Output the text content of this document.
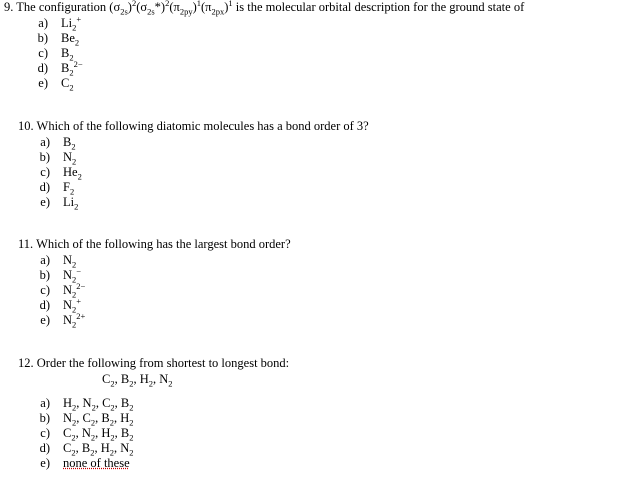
9. The configuration $(\sigma_{2s})^2(\sigma_{2s}*)^2(\pi_{2py})^1(\pi_{2px})^1$ is the molecular orbital description for the ground state of
a) $Li_2^+$
b) $Be_2$
c) $B_2$
d) $B_2^{2-}$
e) $C_2$
10. Which of the following diatomic molecules has a bond order of 3?
a) $B_2$
b) $N_2$
c) $He_2$
d) $F_2$
e) $Li_2$
11. Which of the following has the largest bond order?
a) $N_2$
b) $N_2^-$
c) $N_2^{2-}$
d) $N_2^+$
e) $N_2^{2+}$
12. Order the following from shortest to longest bond:
$C_2$, $B_2$, $H_2$, $N_2$
a) $H_2$, $N_2$, $C_2$, $B_2$
b) $N_2$, $C_2$, $B_2$, $H_2$
c) $C_2$, $N_2$, $H_2$, $B_2$
d) $C_2$, $B_2$, $H_2$, $N_2$
e) none of these
